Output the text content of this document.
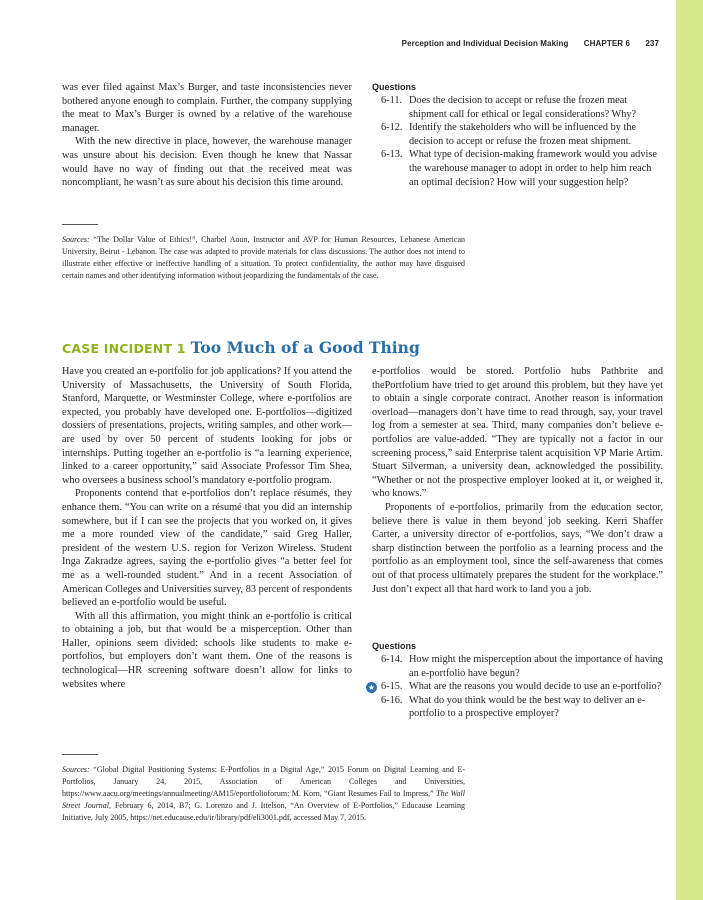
Perception and Individual Decision Making CHAPTER 6 237

was ever filed against Max’s Burger, and taste inconsistencies never bothered anyone enough to complain. Further, the company supplying the meat to Max’s Burger is owned by a relative of the warehouse manager.

With the new directive in place, however, the warehouse manager was unsure about his decision. Even though he knew that Nassar would have no way of finding out that the received meat was noncompliant, he wasn’t as sure about his decision this time around.

Questions
6-11. Does the decision to accept or refuse the frozen meat shipment call for ethical or legal considerations? Why?
6-12. Identify the stakeholders who will be influenced by the decision to accept or refuse the frozen meat shipment.
6-13. What type of decision-making framework would you advise the warehouse manager to adopt in order to help him reach an optimal decision? How will your suggestion help?
Sources: “The Dollar Value of Ethics!”, Charbel Aoun, Instructor and AVP for Human Resources, Lebanese American University, Beirut - Lebanon. The case was adapted to provide materials for class discussions. The author does not intend to illustrate either effective or ineffective handling of a situation. To protect confidentiality, the author may have disguised certain names and other identifying information without jeopardizing the fundamentals of the case.
CASE INCIDENT 1 Too Much of a Good Thing

Have you created an e-portfolio for job applications? If you attend the University of Massachusetts, the University of South Florida, Stanford, Marquette, or Westminster College, where e-portfolios are expected, you probably have developed one. E-portfolios—digitized dossiers of presentations, projects, writing samples, and other work—are used by over 50 percent of students looking for jobs or internships. Putting together an e-portfolio is “a learning experience, linked to a career opportunity,” said Associate Professor Tim Shea, who oversees a business school’s mandatory e-portfolio program.

Proponents contend that e-portfolios don’t replace résumés, they enhance them. “You can write on a résumé that you did an internship somewhere, but if I can see the projects that you worked on, it gives me a more rounded view of the candidate,” said Greg Haller, president of the western U.S. region for Verizon Wireless. Student Inga Zakradze agrees, saying the e-portfolio gives “a better feel for me as a well-rounded student.” And in a recent Association of American Colleges and Universities survey, 83 percent of respondents believed an e-portfolio would be useful.

With all this affirmation, you might think an e-portfolio is critical to obtaining a job, but that would be a misperception. Other than Haller, opinions seem divided: schools like students to make e-portfolios, but employers don’t want them. One of the reasons is technological—HR screening software doesn’t allow for links to websites where

e-portfolios would be stored. Portfolio hubs Pathbrite and thePortfolium have tried to get around this problem, but they have yet to obtain a single corporate contract. Another reason is information overload—managers don’t have time to read through, say, your travel log from a semester at sea. Third, many companies don’t believe e-portfolios are value-added. “They are typically not a factor in our screening process,” said Enterprise talent acquisition VP Marie Artim. Stuart Silverman, a university dean, acknowledged the possibility. “Whether or not the prospective employer looked at it, or weighed it, who knows.”

Proponents of e-portfolios, primarily from the education sector, believe there is value in them beyond job seeking. Kerri Shaffer Carter, a university director of e-portfolios, says, “We don’t draw a sharp distinction between the portfolio as a learning process and the portfolio as an employment tool, since the self-awareness that comes out of that process ultimately prepares the student for the workplace.” Just don’t expect all that hard work to land you a job.

Questions
6-14. How might the misperception about the importance of having an e-portfolio have begun?
★ 6-15. What are the reasons you would decide to use an e-portfolio?
6-16. What do you think would be the best way to deliver an e-portfolio to a prospective employer?
Sources: “Global Digital Positioning Systems: E-Portfolios in a Digital Age,” 2015 Forum on Digital Learning and E-Portfolios, January 24, 2015, Association of American Colleges and Universities, https://www.aacu.org/meetings/annualmeeting/AM15/eportfolioforum; M. Korn, “Giant Resumes Fail to Impress,” The Wall Street Journal, February 6, 2014, B7; G. Lorenzo and J. Ittelson, “An Overview of E-Portfolios,” Educause Learning Initiative, July 2005, https://net.educause.edu/ir/library/pdf/eli3001.pdf, accessed May 7, 2015.
